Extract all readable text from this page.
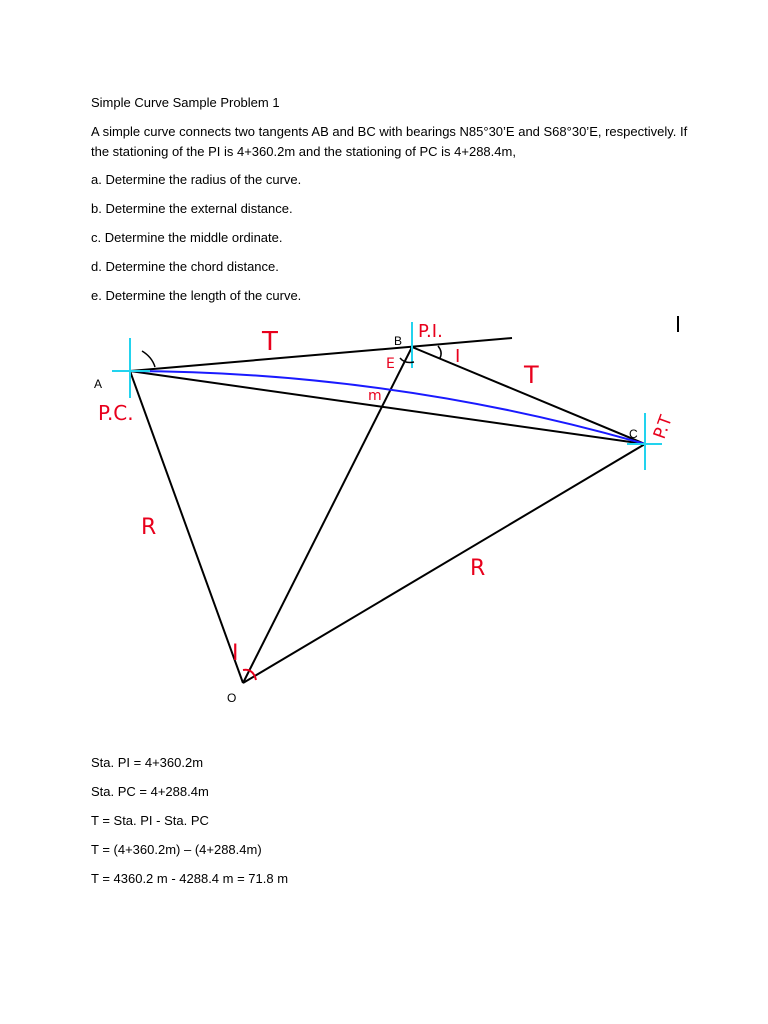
Simple Curve Sample Problem 1

A simple curve connects two tangents AB and BC with bearings N85°30’E and S68°30’E, respectively. If

the stationing of the PI is 4+360.2m and the stationing of PC is 4+288.4m,

a. Determine the radius of the curve.

b. Determine the external distance.

c. Determine the middle ordinate.

d. Determine the chord distance.

e. Determine the length of the curve.

A
B
C
O
P.C.
P.I.
P.T
T
T
R
R
I
I
E
m

Sta. PI = 4+360.2m

Sta. PC = 4+288.4m

T = Sta. PI - Sta. PC

T = (4+360.2m) – (4+288.4m)

T = 4360.2 m - 4288.4 m = 71.8 m
